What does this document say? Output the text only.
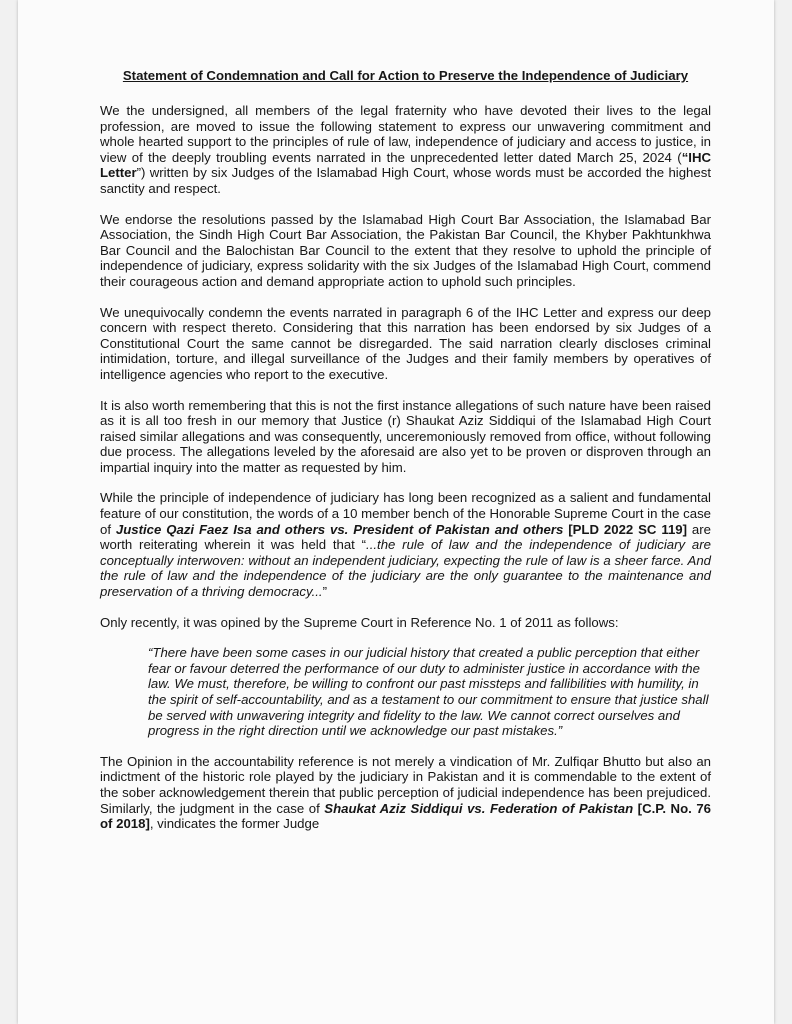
Statement of Condemnation and Call for Action to Preserve the Independence of Judiciary

We the undersigned, all members of the legal fraternity who have devoted their lives to the legal profession, are moved to issue the following statement to express our unwavering commitment and whole hearted support to the principles of rule of law, independence of judiciary and access to justice, in view of the deeply troubling events narrated in the unprecedented letter dated March 25, 2024 (“IHC Letter”) written by six Judges of the Islamabad High Court, whose words must be accorded the highest sanctity and respect.

We endorse the resolutions passed by the Islamabad High Court Bar Association, the Islamabad Bar Association, the Sindh High Court Bar Association, the Pakistan Bar Council, the Khyber Pakhtunkhwa Bar Council and the Balochistan Bar Council to the extent that they resolve to uphold the principle of independence of judiciary, express solidarity with the six Judges of the Islamabad High Court, commend their courageous action and demand appropriate action to uphold such principles.

We unequivocally condemn the events narrated in paragraph 6 of the IHC Letter and express our deep concern with respect thereto. Considering that this narration has been endorsed by six Judges of a Constitutional Court the same cannot be disregarded. The said narration clearly discloses criminal intimidation, torture, and illegal surveillance of the Judges and their family members by operatives of intelligence agencies who report to the executive.

It is also worth remembering that this is not the first instance allegations of such nature have been raised as it is all too fresh in our memory that Justice (r) Shaukat Aziz Siddiqui of the Islamabad High Court raised similar allegations and was consequently, unceremoniously removed from office, without following due process. The allegations leveled by the aforesaid are also yet to be proven or disproven through an impartial inquiry into the matter as requested by him.

While the principle of independence of judiciary has long been recognized as a salient and fundamental feature of our constitution, the words of a 10 member bench of the Honorable Supreme Court in the case of Justice Qazi Faez Isa and others vs. President of Pakistan and others [PLD 2022 SC 119] are worth reiterating wherein it was held that “...the rule of law and the independence of judiciary are conceptually interwoven: without an independent judiciary, expecting the rule of law is a sheer farce. And the rule of law and the independence of the judiciary are the only guarantee to the maintenance and preservation of a thriving democracy...”

Only recently, it was opined by the Supreme Court in Reference No. 1 of 2011 as follows:

“There have been some cases in our judicial history that created a public perception that either fear or favour deterred the performance of our duty to administer justice in accordance with the law. We must, therefore, be willing to confront our past missteps and fallibilities with humility, in the spirit of self-accountability, and as a testament to our commitment to ensure that justice shall be served with unwavering integrity and fidelity to the law. We cannot correct ourselves and progress in the right direction until we acknowledge our past mistakes.”

The Opinion in the accountability reference is not merely a vindication of Mr. Zulfiqar Bhutto but also an indictment of the historic role played by the judiciary in Pakistan and it is commendable to the extent of the sober acknowledgement therein that public perception of judicial independence has been prejudiced. Similarly, the judgment in the case of Shaukat Aziz Siddiqui vs. Federation of Pakistan [C.P. No. 76 of 2018], vindicates the former Judge
